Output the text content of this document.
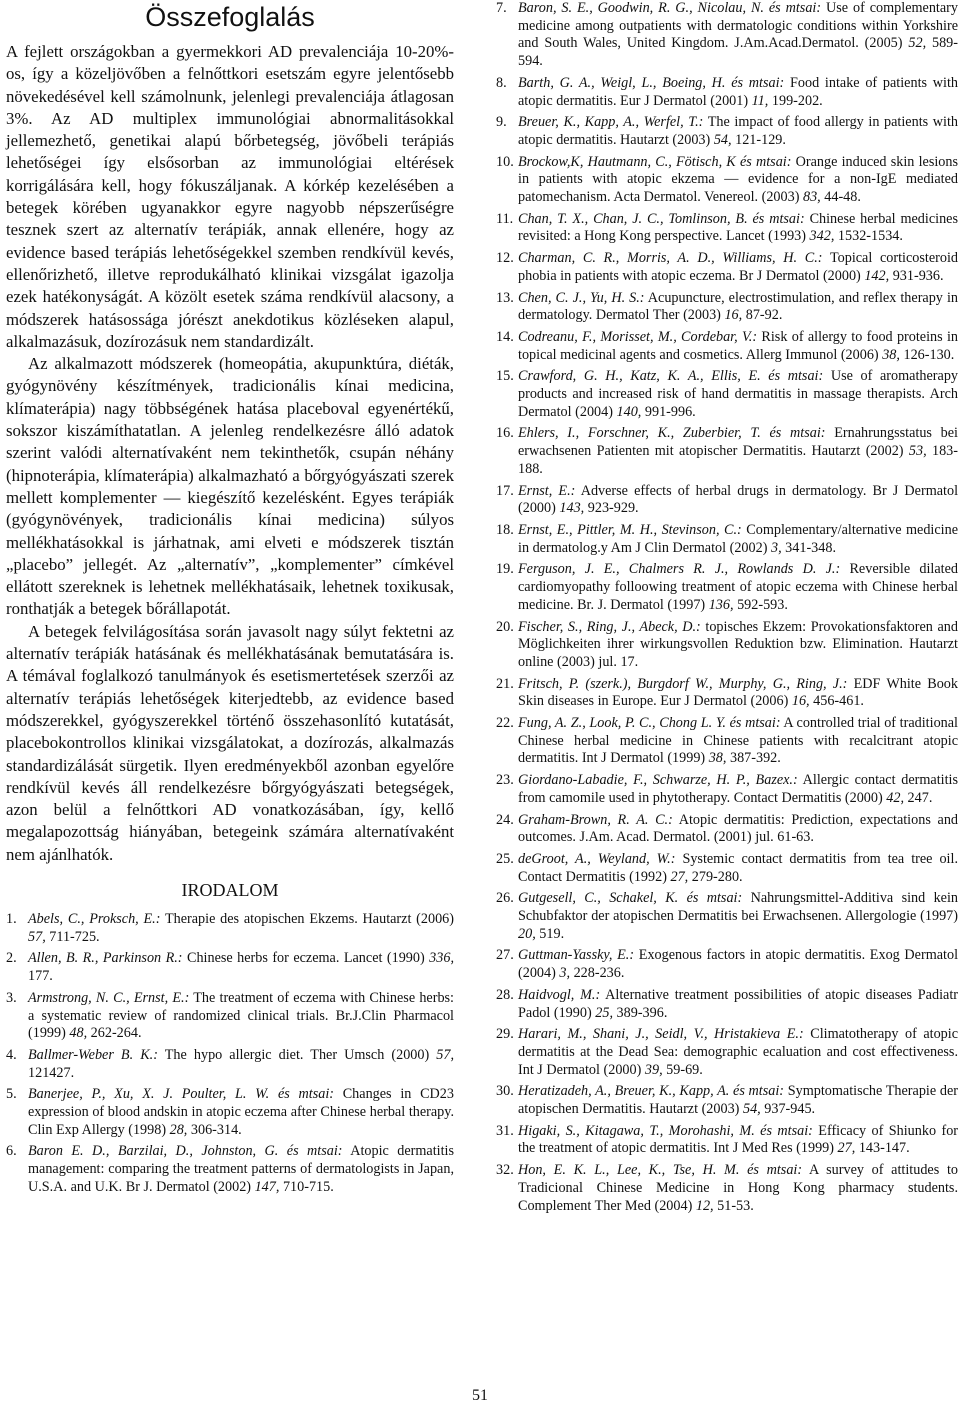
Összefoglalás

A fejlett országokban a gyermekkori AD prevalenciája 10-20%-os, így a közeljövőben a felnőttkori esetszám egyre jelentősebb növekedésével kell számolnunk, jelenlegi prevalenciája átlagosan 3%. Az AD multiplex immunológiai abnormalitásokkal jellemezhető, genetikai alapú bőrbetegség, jövőbeli terápiás lehetőségei így elsősorban az immunológiai eltérések korrigálására kell, hogy fókuszáljanak. A kórkép kezelésében a betegek körében ugyanakkor egyre nagyobb népszerűségre tesznek szert az alternatív terápiák, annak ellenére, hogy az evidence based terápiás lehetőségekkel szemben rendkívül kevés, ellenőrizhető, illetve reprodukálható klinikai vizsgálat igazolja ezek hatékonyságát. A közölt esetek száma rendkívül alacsony, a módszerek hatásossága jórészt anekdotikus közléseken alapul, alkalmazásuk, dozírozásuk nem standardizált.

Az alkalmazott módszerek (homeopátia, akupunktúra, diéták, gyógynövény készítmények, tradicionális kínai medicina, klímaterápia) nagy többségének hatása placeboval egyenértékű, sokszor kiszámíthatatlan. A jelenleg rendelkezésre álló adatok szerint valódi alternatívaként nem tekinthetők, csupán néhány (hipnoterápia, klímaterápia) alkalmazható a bőrgyógyászati szerek mellett komplementer — kiegészítő kezelésként. Egyes terápiák (gyógynövények, tradicionális kínai medicina) súlyos mellékhatásokkal is járhatnak, ami elveti e módszerek tisztán „placebo” jellegét. Az „alternatív”, „komplementer” címkével ellátott szereknek is lehetnek mellékhatásaik, lehetnek toxikusak, ronthatják a betegek bőrállapotát.

A betegek felvilágosítása során javasolt nagy súlyt fektetni az alternatív terápiák hatásának és mellékhatásának bemutatására is. A témával foglalkozó tanulmányok és esetismertetések szerzői az alternatív terápiás lehetőségek kiterjedtebb, az evidence based módszerekkel, gyógyszerekkel történő összehasonlító kutatását, placebokontrollos klinikai vizsgálatokat, a dozírozás, alkalmazás standardizálását sürgetik. Ilyen eredményekből azonban egyelőre rendkívül kevés áll rendelkezésre bőrgyógyászati betegségek, azon belül a felnőttkori AD vonatkozásában, így, kellő megalapozottság hiányában, betegeink számára alternatívaként nem ajánlhatók.

IRODALOM

1. Abels, C., Proksch, E.: Therapie des atopischen Ekzems. Hautarzt (2006) 57, 711-725.

2. Allen, B. R., Parkinson R.: Chinese herbs for eczema. Lancet (1990) 336, 177.

3. Armstrong, N. C., Ernst, E.: The treatment of eczema with Chinese herbs: a systematic review of randomized clinical trials. Br.J.Clin Pharmacol (1999) 48, 262-264.

4. Ballmer-Weber B. K.: The hypo allergic diet. Ther Umsch (2000) 57, 121427.

5. Banerjee, P., Xu, X. J. Poulter, L. W. és mtsai: Changes in CD23 expression of blood andskin in atopic eczema after Chinese herbal therapy. Clin Exp Allergy (1998) 28, 306-314.

6. Baron E. D., Barzilai, D., Johnston, G. és mtsai: Atopic dermatitis management: comparing the treatment patterns of dermatologists in Japan, U.S.A. and U.K. Br J. Dermatol (2002) 147, 710-715.

7. Baron, S. E., Goodwin, R. G., Nicolau, N. és mtsai: Use of complementary medicine among outpatients with dermatologic conditions within Yorkshire and South Wales, United Kingdom. J.Am.Acad.Dermatol. (2005) 52, 589-594.

8. Barth, G. A., Weigl, L., Boeing, H. és mtsai: Food intake of patients with atopic dermatitis. Eur J Dermatol (2001) 11, 199-202.

9. Breuer, K., Kapp, A., Werfel, T.: The impact of food allergy in patients with atopic dermatitis. Hautarzt (2003) 54, 121-129.

10. Brockow,K, Hautmann, C., Fötisch, K és mtsai: Orange induced skin lesions in patients with atopic ekzema — evidence for a non-IgE mediated patomechanism. Acta Dermatol. Venereol. (2003) 83, 44-48.

11. Chan, T. X., Chan, J. C., Tomlinson, B. és mtsai: Chinese herbal medicines revisited: a Hong Kong perspective. Lancet (1993) 342, 1532-1534.

12. Charman, C. R., Morris, A. D., Williams, H. C.: Topical corticosteroid phobia in patients with atopic eczema. Br J Dermatol (2000) 142, 931-936.

13. Chen, C. J., Yu, H. S.: Acupuncture, electrostimulation, and reflex therapy in dermatology. Dermatol Ther (2003) 16, 87-92.

14. Codreanu, F., Morisset, M., Cordebar, V.: Risk of allergy to food proteins in topical medicinal agents and cosmetics. Allerg Immunol (2006) 38, 126-130.

15. Crawford, G. H., Katz, K. A., Ellis, E. és mtsai: Use of aromatherapy products and increased risk of hand dermatitis in massage therapists. Arch Dermatol (2004) 140, 991-996.

16. Ehlers, I., Forschner, K., Zuberbier, T. és mtsai: Ernahrungsstatus bei erwachsenen Patienten mit atopischer Dermatitis. Hautarzt (2002) 53, 183-188.

17. Ernst, E.: Adverse effects of herbal drugs in dermatology. Br J Dermatol (2000) 143, 923-929.

18. Ernst, E., Pittler, M. H., Stevinson, C.: Complementary/alternative medicine in dermatolog.y Am J Clin Dermatol (2002) 3, 341-348.

19. Ferguson, J. E., Chalmers R. J., Rowlands D. J.: Reversible dilated cardiomyopathy folloowing treatment of atopic eczema with Chinese herbal medicine. Br. J. Dermatol (1997) 136, 592-593.

20. Fischer, S., Ring, J., Abeck, D.: topisches Ekzem: Provokationsfaktoren and Möglichkeiten ihrer wirkungsvollen Reduktion bzw. Elimination. Hautarzt online (2003) jul. 17.

21. Fritsch, P. (szerk.), Burgdorf W., Murphy, G., Ring, J.: EDF White Book Skin diseases in Europe. Eur J Dermatol (2006) 16, 456-461.

22. Fung, A. Z., Look, P. C., Chong L. Y. és mtsai: A controlled trial of traditional Chinese herbal medicine in Chinese patients with recalcitrant atopic dermatitis. Int J Dermatol (1999) 38, 387-392.

23. Giordano-Labadie, F., Schwarze, H. P., Bazex.: Allergic contact dermatitis from camomile used in phytotherapy. Contact Dermatitis (2000) 42, 247.

24. Graham-Brown, R. A. C.: Atopic dermatitis: Prediction, expectations and outcomes. J.Am. Acad. Dermatol. (2001) jul. 61-63.

25. deGroot, A., Weyland, W.: Systemic contact dermatitis from tea tree oil. Contact Dermatitis (1992) 27, 279-280.

26. Gutgesell, C., Schakel, K. és mtsai: Nahrungsmittel-Additiva sind kein Schubfaktor der atopischen Dermatitis bei Erwachsenen. Allergologie (1997) 20, 519.

27. Guttman-Yassky, E.: Exogenous factors in atopic dermatitis. Exog Dermatol (2004) 3, 228-236.

28. Haidvogl, M.: Alternative treatment possibilities of atopic diseases Padiatr Padol (1990) 25, 389-396.

29. Harari, M., Shani, J., Seidl, V., Hristakieva E.: Climatotherapy of atopic dermatitis at the Dead Sea: demographic ecaluation and cost effectiveness. Int J Dermatol (2000) 39, 59-69.

30. Heratizadeh, A., Breuer, K., Kapp, A. és mtsai: Symptomatische Therapie der atopischen Dermatitis. Hautarzt (2003) 54, 937-945.

31. Higaki, S., Kitagawa, T., Morohashi, M. és mtsai: Efficacy of Shiunko for the treatment of atopic dermatitis. Int J Med Res (1999) 27, 143-147.

32. Hon, E. K. L., Lee, K., Tse, H. M. és mtsai: A survey of attitudes to Tradicional Chinese Medicine in Hong Kong pharmacy students. Complement Ther Med (2004) 12, 51-53.

51
